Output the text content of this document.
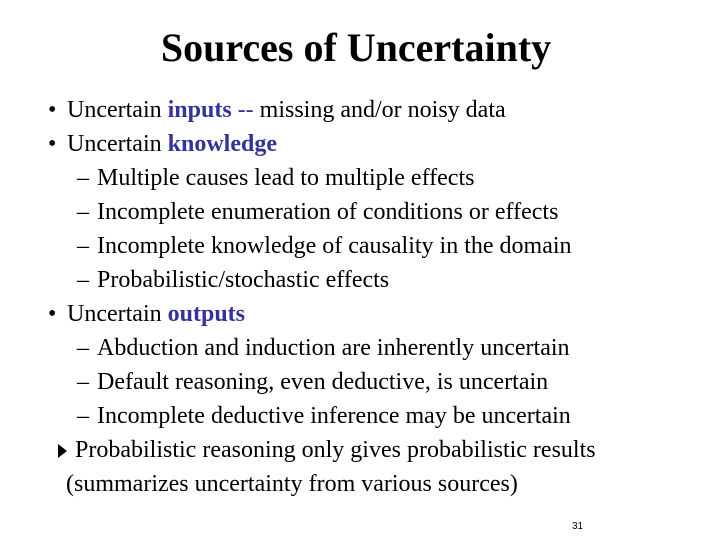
Sources of Uncertainty
• Uncertain inputs -- missing and/or noisy data
• Uncertain knowledge
– Multiple causes lead to multiple effects
– Incomplete enumeration of conditions or effects
– Incomplete knowledge of causality in the domain
– Probabilistic/stochastic effects
• Uncertain outputs
– Abduction and induction are inherently uncertain
– Default reasoning, even deductive, is uncertain
– Incomplete deductive inference may be uncertain
Probabilistic reasoning only gives probabilistic results
(summarizes uncertainty from various sources)
31
